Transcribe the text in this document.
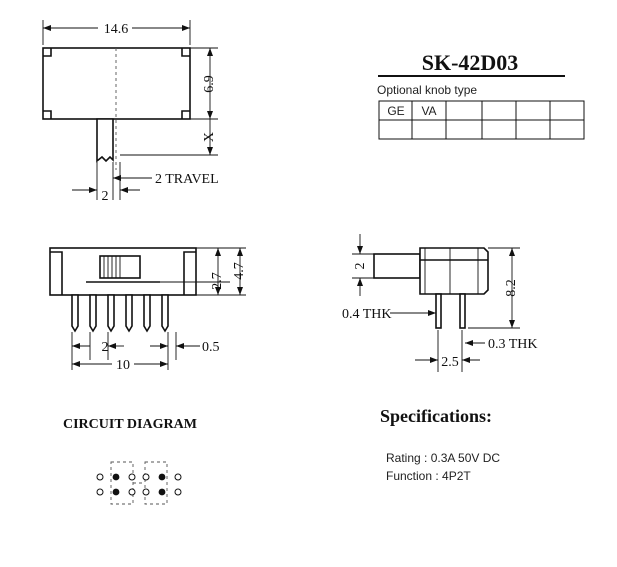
14.6
6.9
X
2
2 TRAVEL
2.7
4.7
2	0.5
10
2
8.2
0.4 THK
0.3 THK
2.5
SK-42D03
Optional knob type
GE VA
CIRCUIT DIAGRAM	Specifications:
Rating : 0.3A 50V DC
Function : 4P2T
